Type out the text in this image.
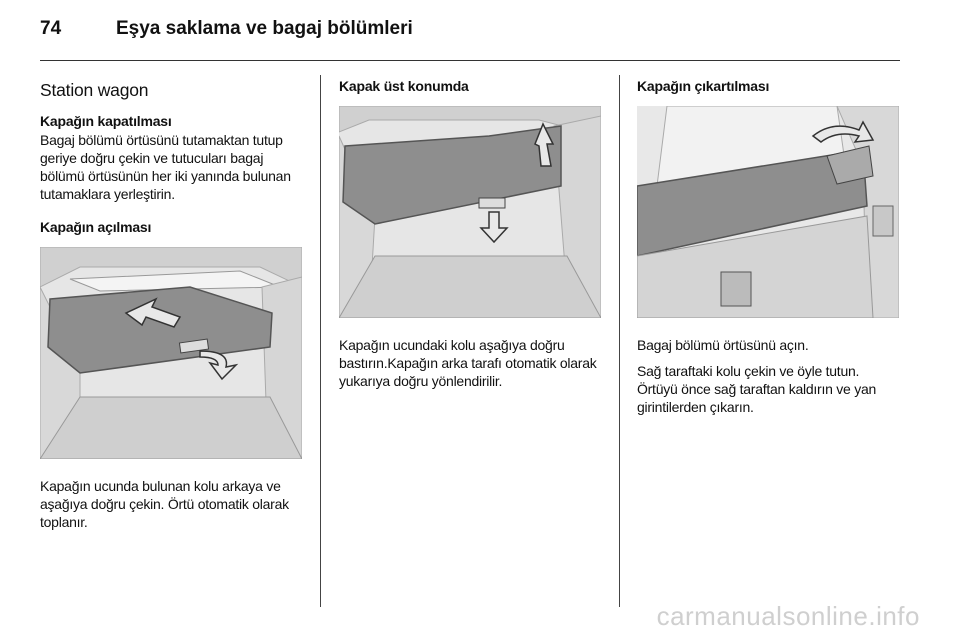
74	Eşya saklama ve bagaj bölümleri
Station wagon
Kapağın kapatılması

Bagaj bölümü örtüsünü tutamaktan tutup geriye doğru çekin ve tutucuları bagaj bölümü örtüsünün her iki yanında bulunan tutamaklara yerleştirin.

Kapağın açılması

Kapağın ucunda bulunan kolu arkaya ve aşağıya doğru çekin. Örtü otomatik olarak toplanır.

Kapak üst konumda

Kapağın ucundaki kolu aşağıya doğru bastırın.Kapağın arka tarafı otomatik olarak yukarıya doğru yönlendirilir.

Kapağın çıkartılması

Bagaj bölümü örtüsünü açın.

Sağ taraftaki kolu çekin ve öyle tutun. Örtüyü önce sağ taraftan kaldırın ve yan girintilerden çıkarın.

carmanualsonline.info
